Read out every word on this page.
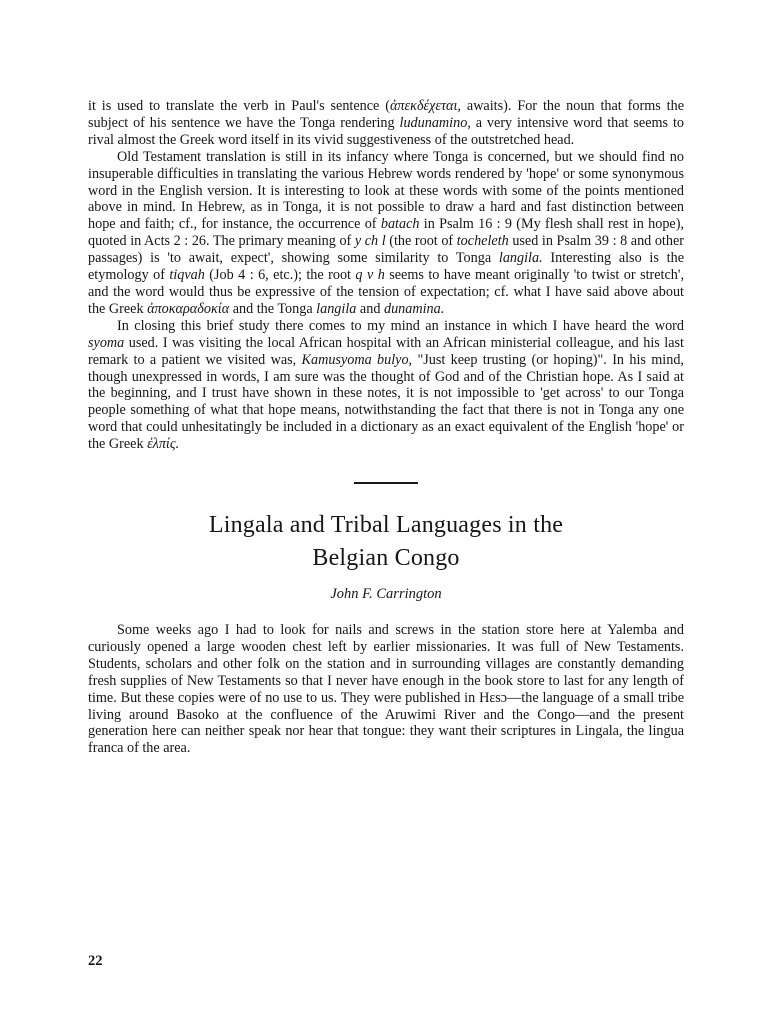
it is used to translate the verb in Paul's sentence (ἀπεκδέχεται, awaits). For the noun that forms the subject of his sentence we have the Tonga rendering ludunamino, a very intensive word that seems to rival almost the Greek word itself in its vivid suggestiveness of the outstretched head.

Old Testament translation is still in its infancy where Tonga is concerned, but we should find no insuperable difficulties in translating the various Hebrew words rendered by 'hope' or some synonymous word in the English version. It is interesting to look at these words with some of the points mentioned above in mind. In Hebrew, as in Tonga, it is not possible to draw a hard and fast distinction between hope and faith; cf., for instance, the occurrence of batach in Psalm 16 : 9 (My flesh shall rest in hope), quoted in Acts 2 : 26. The primary meaning of y ch l (the root of tocheleth used in Psalm 39 : 8 and other passages) is 'to await, expect', showing some similarity to Tonga langila. Interesting also is the etymology of tiqvah (Job 4 : 6, etc.); the root q v h seems to have meant originally 'to twist or stretch', and the word would thus be expressive of the tension of expectation; cf. what I have said above about the Greek ἀποκαραδοκία and the Tonga langila and dunamina.

In closing this brief study there comes to my mind an instance in which I have heard the word syoma used. I was visiting the local African hospital with an African ministerial colleague, and his last remark to a patient we visited was, Kamusyoma bulyo, "Just keep trusting (or hoping)". In his mind, though unexpressed in words, I am sure was the thought of God and of the Christian hope. As I said at the beginning, and I trust have shown in these notes, it is not impossible to 'get across' to our Tonga people something of what that hope means, notwithstanding the fact that there is not in Tonga any one word that could unhesitatingly be included in a dictionary as an exact equivalent of the English 'hope' or the Greek ἐλπίς.

Lingala and Tribal Languages in the
Belgian Congo

John F. Carrington

Some weeks ago I had to look for nails and screws in the station store here at Yalemba and curiously opened a large wooden chest left by earlier missionaries. It was full of New Testaments. Students, scholars and other folk on the station and in surrounding villages are constantly demanding fresh supplies of New Testaments so that I never have enough in the book store to last for any length of time. But these copies were of no use to us. They were published in Hɛsɔ—the language of a small tribe living around Basoko at the confluence of the Aruwimi River and the Congo—and the present generation here can neither speak nor hear that tongue: they want their scriptures in Lingala, the lingua franca of the area.

22
